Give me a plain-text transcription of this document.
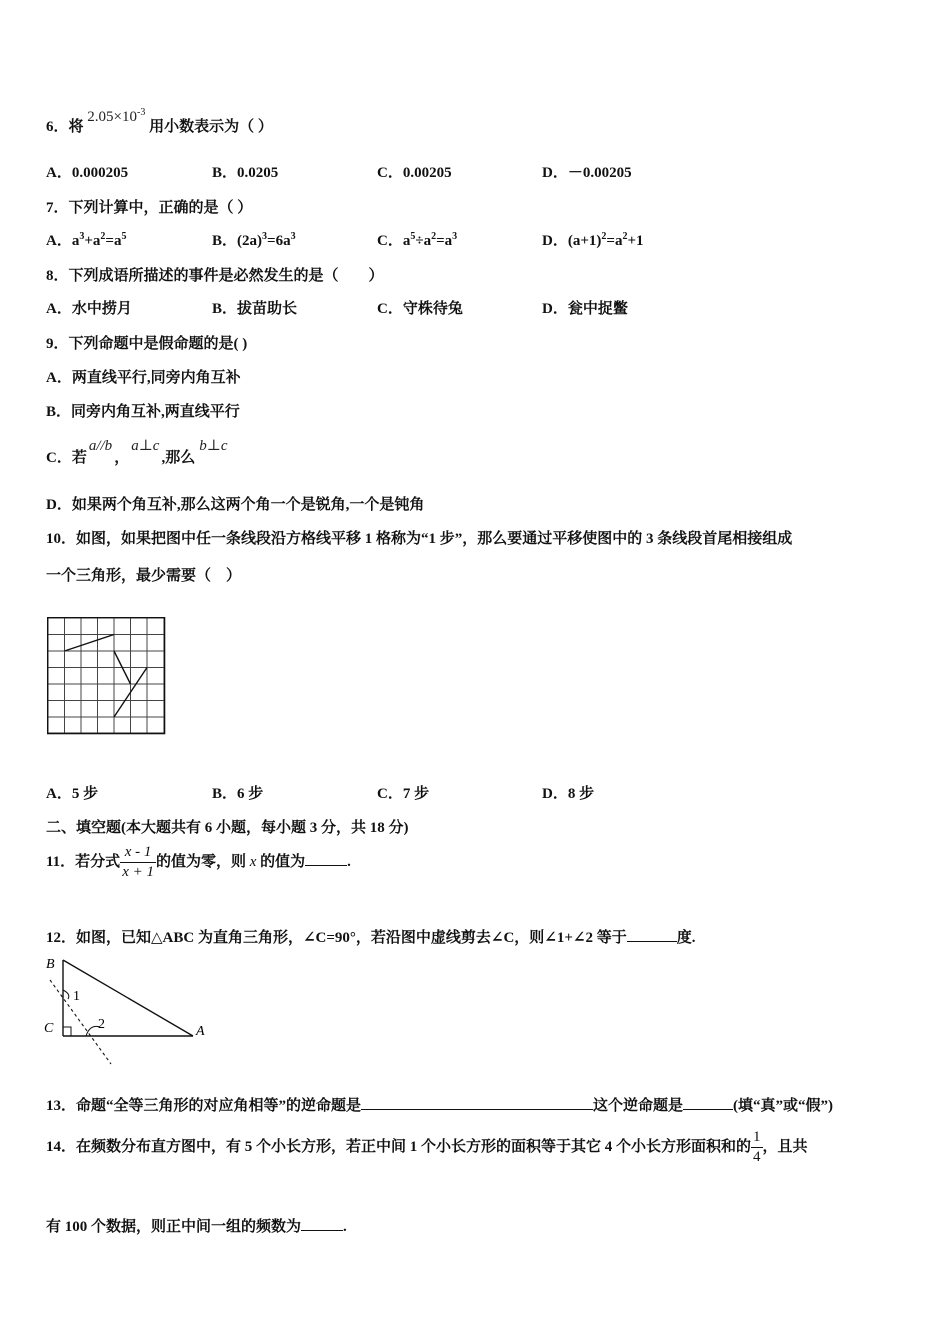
6．将 $2.05\times 10^{-3}$ 用小数表示为（ ）
A．0.000205	B．0.0205	C．0.00205	D．－0.00205
7．下列计算中，正确的是（ ）
A．$a^3+a^2=a^5$	B．$(2a)^3=6a^3$	C．$a^5\div a^2=a^3$	D．$(a+1)^2=a^2+1$
8．下列成语所描述的事件是必然发生的是（　　）
A．水中捞月	B．拔苗助长	C．守株待兔	D．瓮中捉鳖
9．下列命题中是假命题的是( )
A．两直线平行,同旁内角互补
B．同旁内角互补,两直线平行
C．若a//b，a⊥c,那么b⊥c
D．如果两个角互补,那么这两个角一个是锐角,一个是钝角
10．如图，如果把图中任一条线段沿方格线平移 1 格称为“1 步”，那么要通过平移使图中的 3 条线段首尾相接组成
一个三角形，最少需要（　）
A．5 步	B．6 步	C．7 步	D．8 步
二、填空题(本大题共有 6 小题，每小题 3 分，共 18 分)
11．若分式 $\frac{x - 1}{x + 1}$ 的值为零，则 x 的值为	.
12．如图，已知△ABC 为直角三角形，∠C=90°，若沿图中虚线剪去∠C，则∠1+∠2 等于	度.
B
1
C	2	A
13．命题“全等三角形的对应角相等”的逆命题是	这个逆命题是	(填“真”或“假”)
14．在频数分布直方图中，有 5 个小长方形，若正中间 1 个小长方形的面积等于其它 4 个小长方形面积和的 $\frac{1}{4}$ ，且共
有 100 个数据，则正中间一组的频数为	.
